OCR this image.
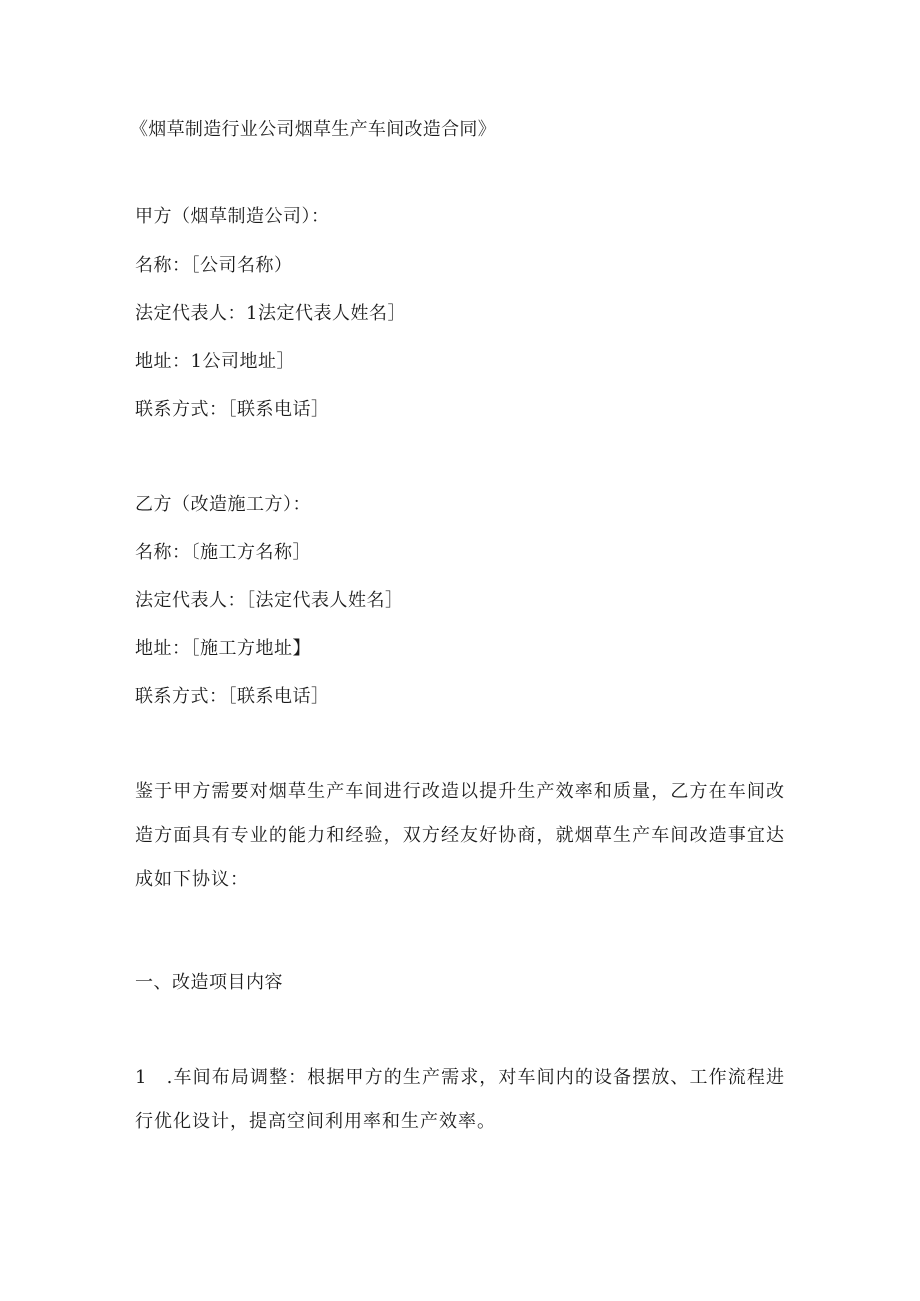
《烟草制造行业公司烟草生产车间改造合同》
甲方（烟草制造公司）：
名称：［公司名称）
法定代表人：1法定代表人姓名］
地址：1公司地址］
联系方式：［联系电话］
乙方（改造施工方）：
名称：〔施工方名称］
法定代表人：［法定代表人姓名］
地址：［施工方地址】
联系方式：［联系电话］
鉴于甲方需要对烟草生产车间进行改造以提升生产效率和质量，乙方在车间改造方面具有专业的能力和经验，双方经友好协商，就烟草生产车间改造事宜达成如下协议：
一、改造项目内容
1　.车间布局调整：根据甲方的生产需求，对车间内的设备摆放、工作流程进行优化设计，提高空间利用率和生产效率。
